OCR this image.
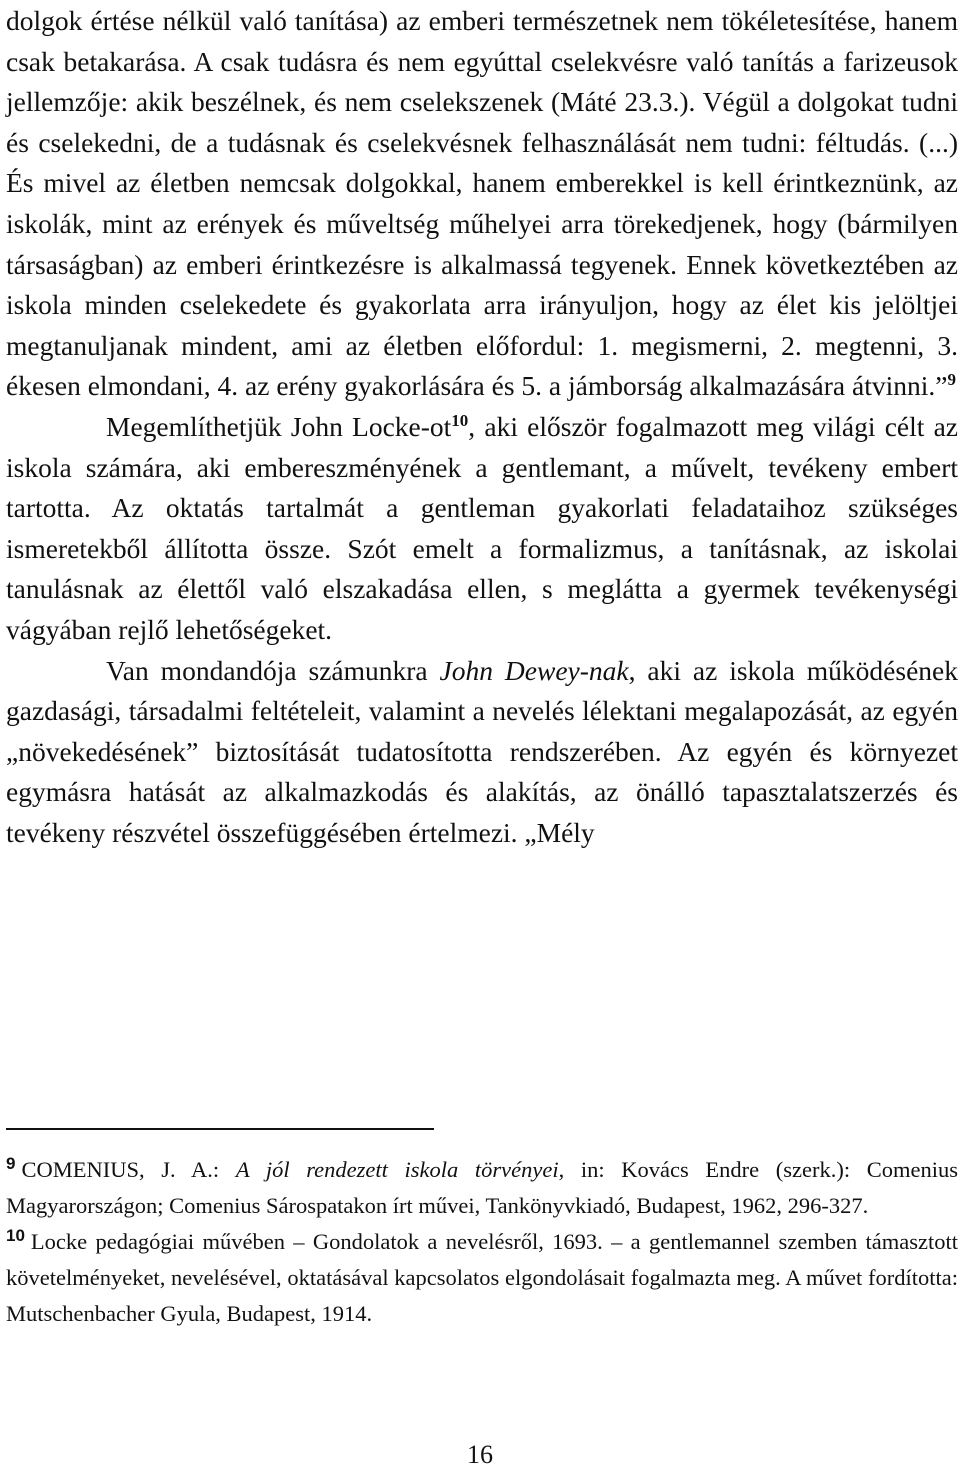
dolgok értése nélkül való tanítása) az emberi természetnek nem tökéletesítése, hanem csak betakarása. A csak tudásra és nem egyúttal cselekvésre való tanítás a farizeusok jellemzője: akik beszélnek, és nem cselekszenek (Máté 23.3.). Végül a dolgokat tudni és cselekedni, de a tudásnak és cselekvésnek felhasználását nem tudni: féltudás. (...) És mivel az életben nemcsak dolgokkal, hanem emberekkel is kell érintkeznünk, az iskolák, mint az erények és műveltség műhelyei arra törekedjenek, hogy (bármilyen társaságban) az emberi érintkezésre is alkalmassá tegyenek. Ennek következtében az iskola minden cselekedete és gyakorlata arra irányuljon, hogy az élet kis jelöltjei megtanuljanak mindent, ami az életben előfordul: 1. megismerni, 2. megtenni, 3. ékesen elmondani, 4. az erény gyakorlására és 5. a jámborság alkalmazására átvinni.”$^9$

Megemlíthetjük John Locke-ot$^{10}$, aki először fogalmazott meg világi célt az iskola számára, aki embereszményének a gentlemant, a művelt, tevékeny embert tartotta. Az oktatás tartalmát a gentleman gyakorlati feladataihoz szükséges ismeretekből állította össze. Szót emelt a formalizmus, a tanításnak, az iskolai tanulásnak az élettől való elszakadása ellen, s meglátta a gyermek tevékenységi vágyában rejlő lehetőségeket.

Van mondandója számunkra John Dewey-nak, aki az iskola működésének gazdasági, társadalmi feltételeit, valamint a nevelés lélektani megalapozását, az egyén „növekedésének” biztosítását tudatosította rendszerében. Az egyén és környezet egymásra hatását az alkalmazkodás és alakítás, az önálló tapasztalatszerzés és tevékeny részvétel összefüggésében értelmezi. „Mély

$^9$ COMENIUS, J. A.: A jól rendezett iskola törvényei, in: Kovács Endre (szerk.): Comenius Magyarországon; Comenius Sárospatakon írt művei, Tankönyvkiadó, Budapest, 1962, 296-327.

$^{10}$ Locke pedagógiai művében – Gondolatok a nevelésről, 1693. – a gentlemannel szemben támasztott követelményeket, nevelésével, oktatásával kapcsolatos elgondolásait fogalmazta meg. A művet fordította: Mutschenbacher Gyula, Budapest, 1914.

16
